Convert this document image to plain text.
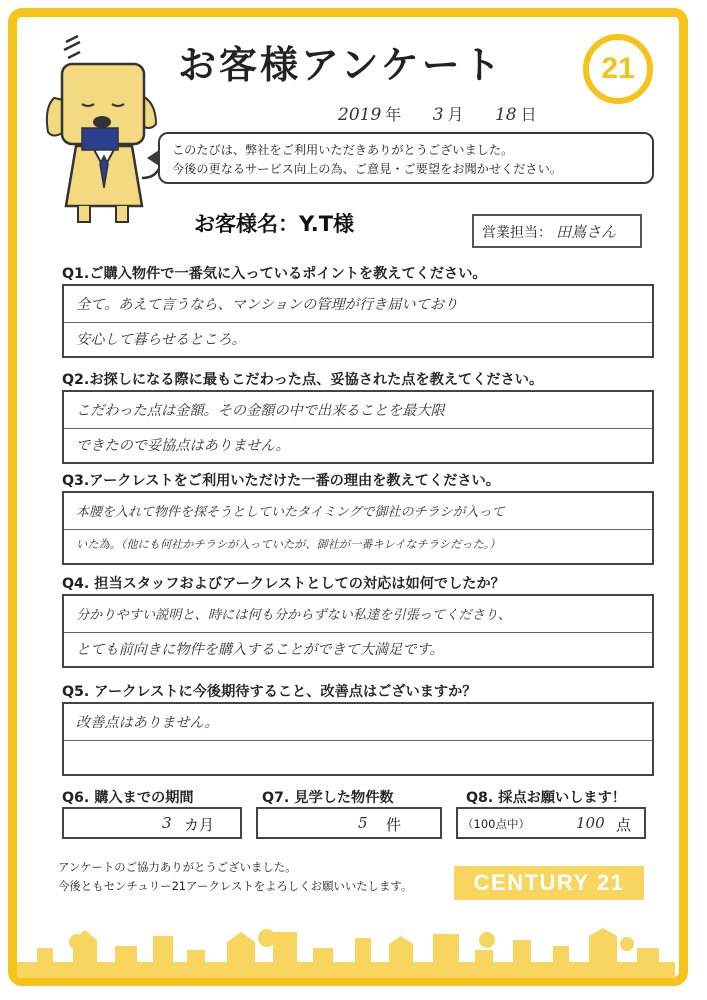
お客様アンケート	21
2019 年 3 月 18 日
このたびは、弊社をご利用いただきありがとうございました。
今後の更なるサービス向上の為、ご意見・ご要望をお聞かせください。
お客様名：Y.T様	営業担当： 田嶌さん
Q1.ご購入物件で一番気に入っているポイントを教えてください。
全て。あえて言うなら、マンションの管理が行き届いており
安心して暮らせるところ。
Q2.お探しになる際に最もこだわった点、妥協された点を教えてください。
こだわった点は金額。その金額の中で出来ることを最大限
できたので妥協点はありません。
Q3.アークレストをご利用いただけた一番の理由を教えてください。
本腰を入れて物件を探そうとしていたタイミングで御社のチラシが入って
いた為。（他にも何社かチラシが入っていたが、御社が一番キレイなチラシだった。）
Q4. 担当スタッフおよびアークレストとしての対応は如何でしたか？
分かりやすい説明と、時には何も分からずない私達を引張ってくださり、
とても前向きに物件を購入することができて大満足です。
Q5. アークレストに今後期待すること、改善点はございますか？
改善点はありません。
Q6. 購入までの期間
3 カ月
Q7. 見学した物件数
5 件
Q8. 採点お願いします！
（100点中）	100 点
アンケートのご協力ありがとうございました。
今後ともセンチュリー21アークレストをよろしくお願いいたします。	CENTURY 21
